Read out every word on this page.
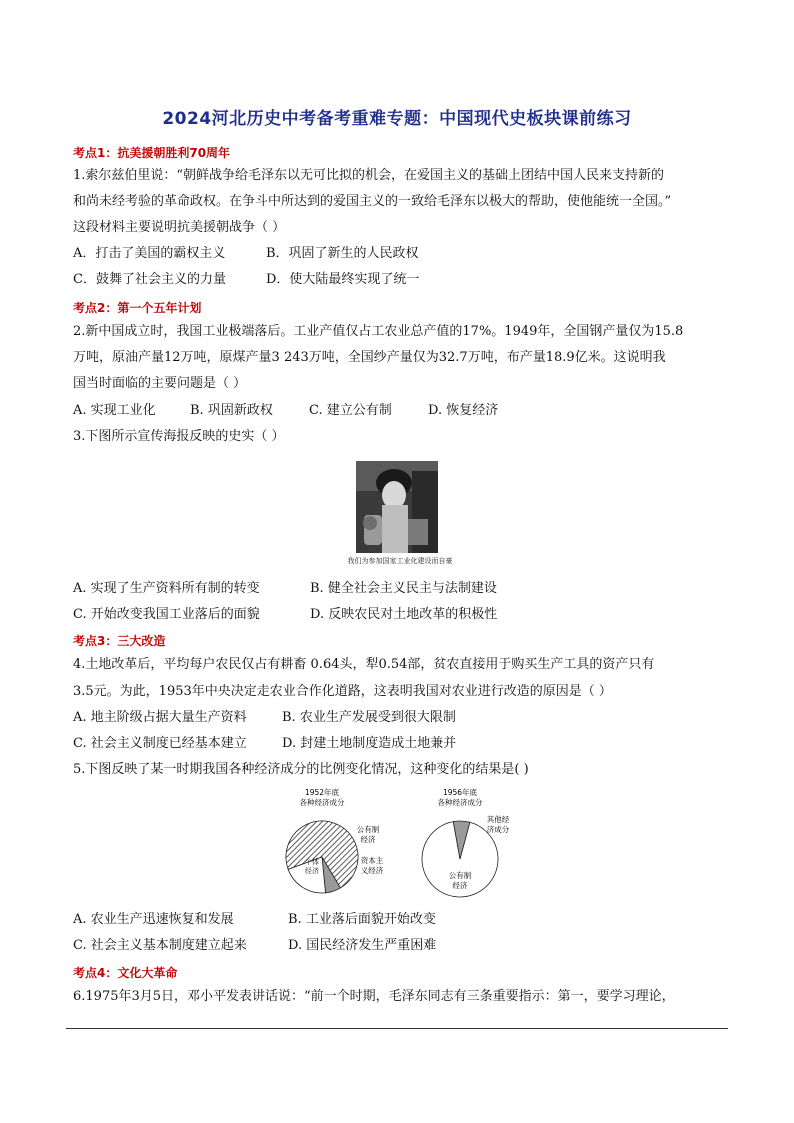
2024河北历史中考备考重难专题：中国现代史板块课前练习
考点1：抗美援朝胜利70周年
1.索尔兹伯里说：“朝鲜战争给毛泽东以无可比拟的机会，在爱国主义的基础上团结中国人民来支持新的
和尚未经考验的革命政权。在争斗中所达到的爱国主义的一致给毛泽东以极大的帮助，使他能统一全国。”
这段材料主要说明抗美援朝战争（ ）
A．打击了美国的霸权主义	B．巩固了新生的人民政权
C．鼓舞了社会主义的力量	D．使大陆最终实现了统一
考点2：第一个五年计划
2.新中国成立时，我国工业极端落后。工业产值仅占工农业总产值的17%。1949年，全国钢产量仅为15.8
万吨，原油产量12万吨，原煤产量3 243万吨，全国纱产量仅为32.7万吨，布产量18.9亿米。这说明我
国当时面临的主要问题是（ ）
A. 实现工业化	B. 巩固新政权	C. 建立公有制	D. 恢复经济
3.下图所示宣传海报反映的史实（ ）
我们为参加国家工业化建设而自豪
A. 实现了生产资料所有制的转变	B. 健全社会主义民主与法制建设
C. 开始改变我国工业落后的面貌	D. 反映农民对土地改革的积极性
考点3：三大改造
4.土地改革后，平均每户农民仅占有耕畜 0.64头，犁0.54部，贫农直接用于购买生产工具的资产只有
3.5元。为此，1953年中央决定走农业合作化道路，这表明我国对农业进行改造的原因是（ ）
A. 地主阶级占据大量生产资料	B. 农业生产发展受到很大限制
C. 社会主义制度已经基本建立	D. 封建土地制度造成土地兼并
5.下图反映了某一时期我国各种经济成分的比例变化情况，这种变化的结果是( )
1952年底
各种经济成分
公有制
经济
资本主
义经济
个体
经济
1956年底
各种经济成分
其他经
济成分
公有制
经济
A. 农业生产迅速恢复和发展	B. 工业落后面貌开始改变
C. 社会主义基本制度建立起来	D. 国民经济发生严重困难
考点4：文化大革命
6.1975年3月5日，邓小平发表讲话说：“前一个时期，毛泽东同志有三条重要指示：第一，要学习理论，
